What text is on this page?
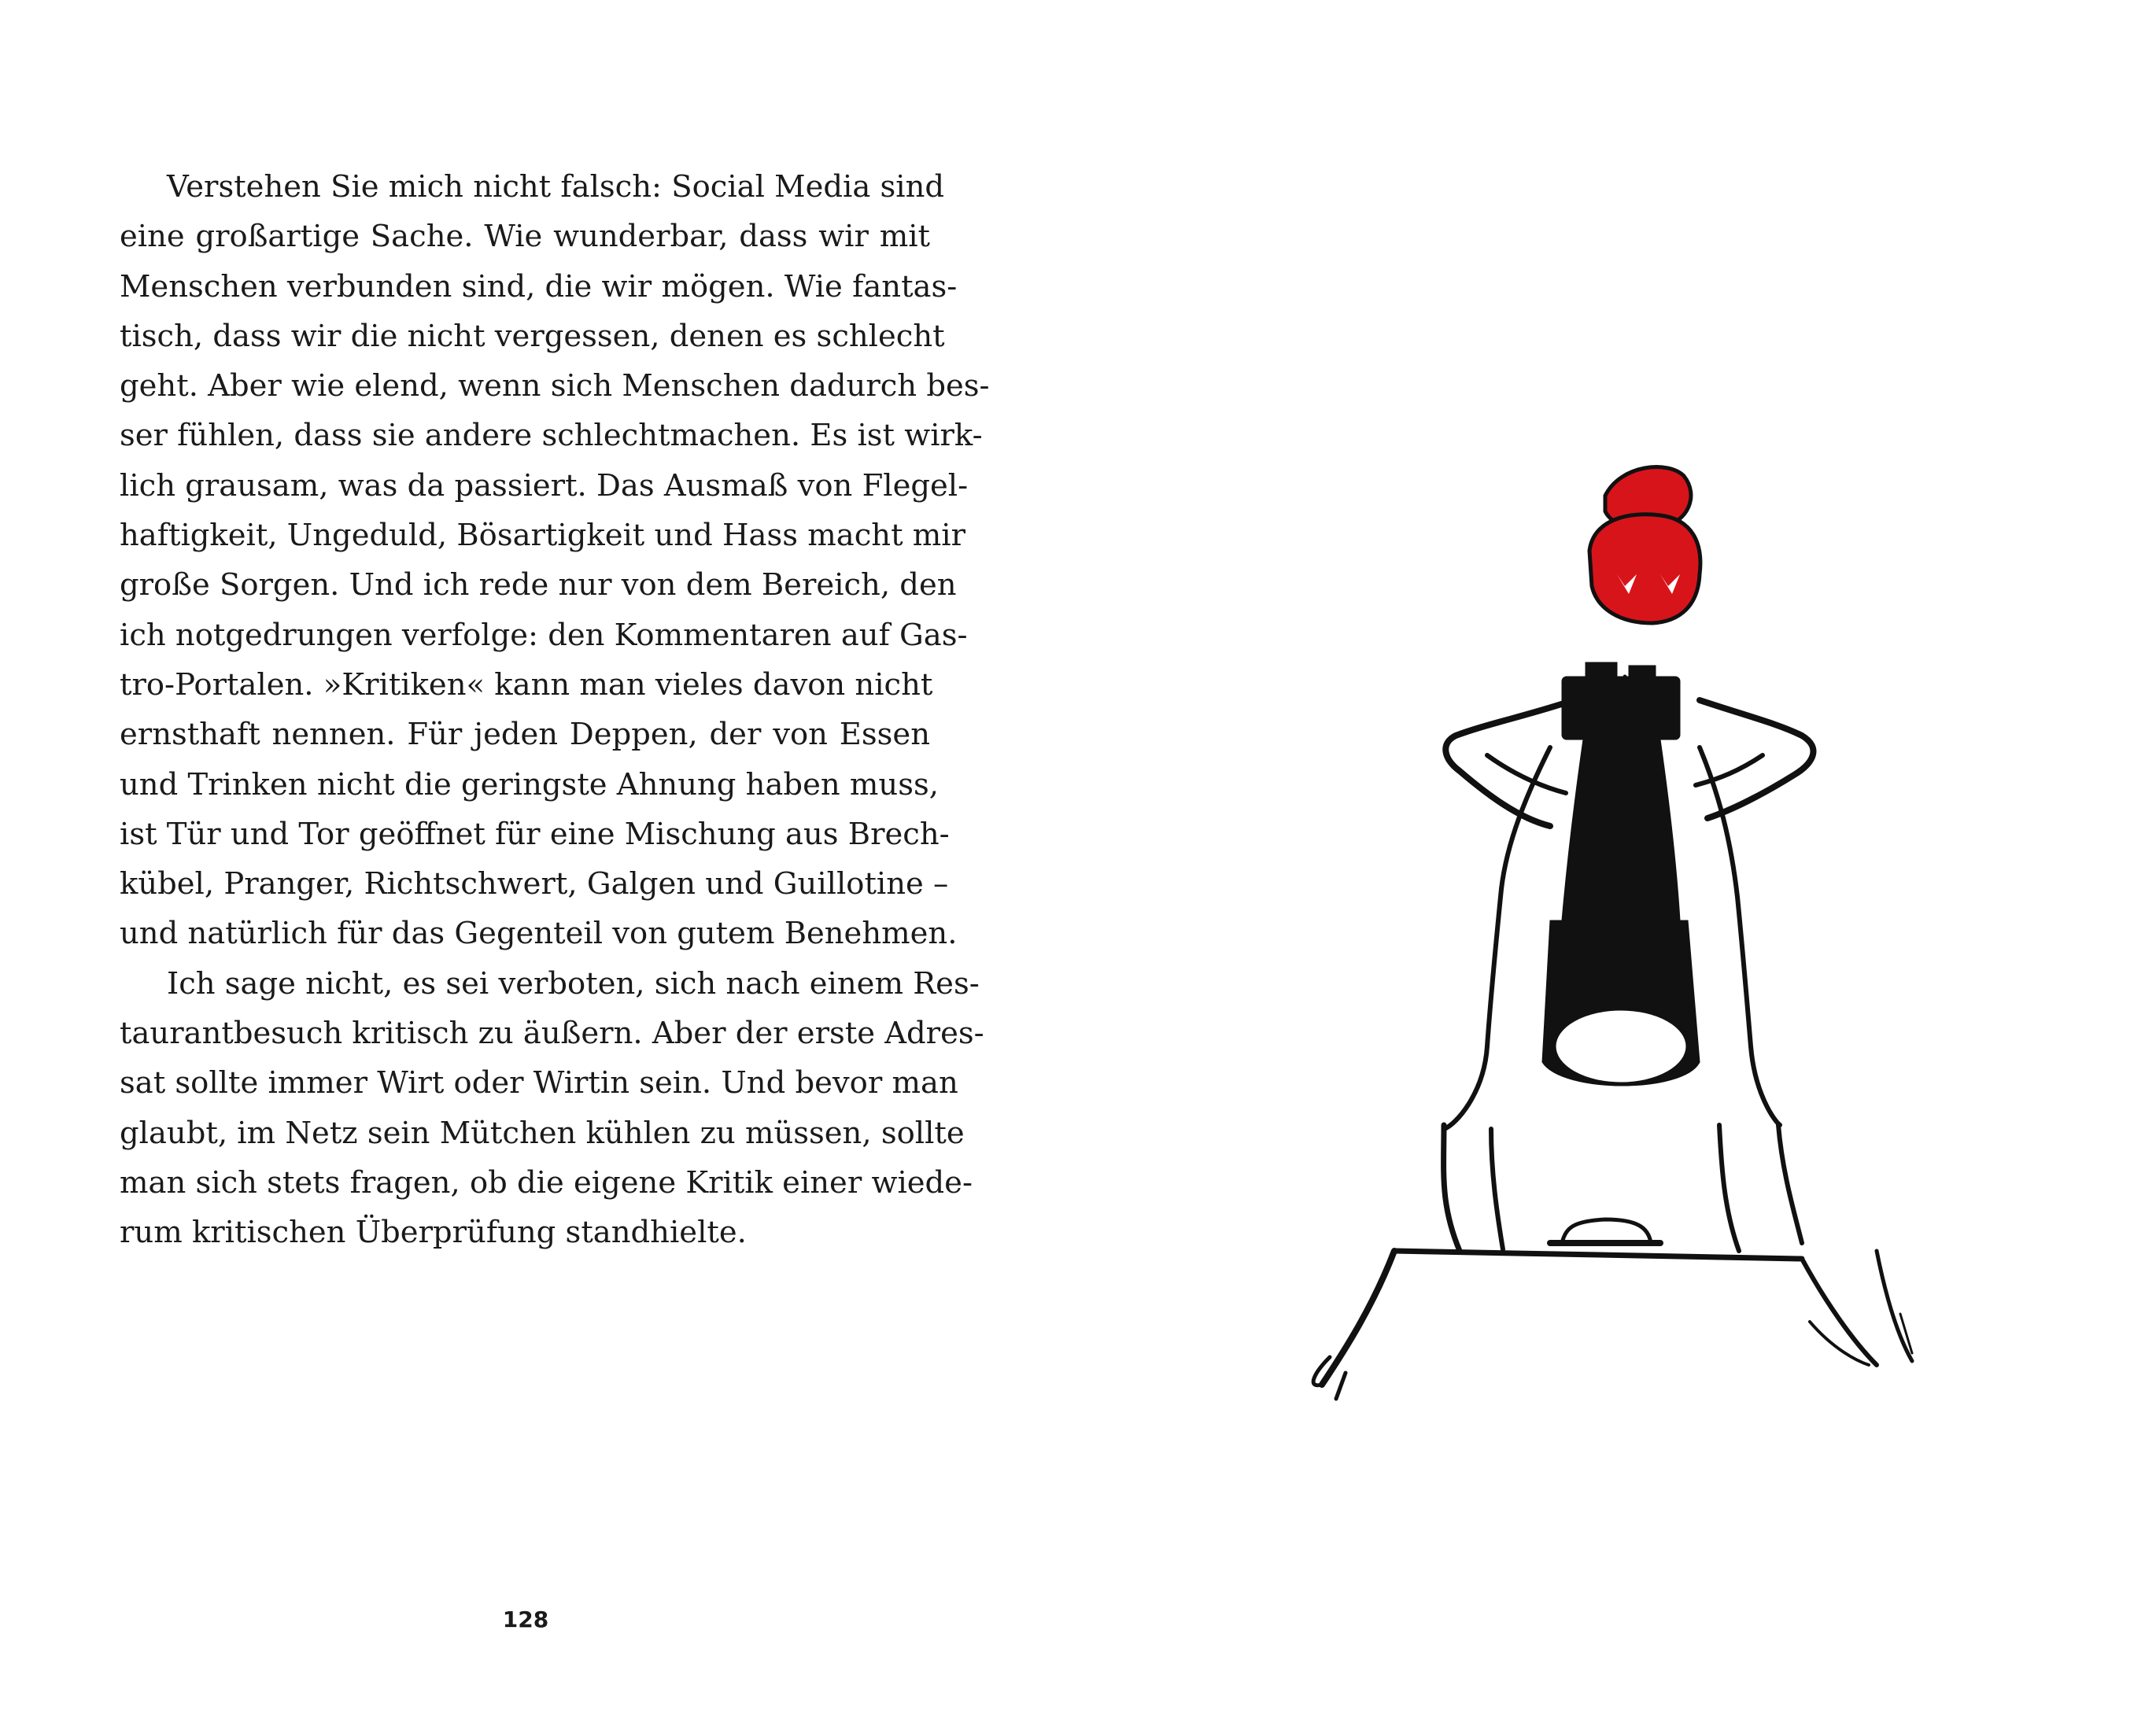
Verstehen Sie mich nicht falsch: Social Media sind
eine großartige Sache. Wie wunderbar, dass wir mit
Menschen verbunden sind, die wir mögen. Wie fantas-
tisch, dass wir die nicht vergessen, denen es schlecht
geht. Aber wie elend, wenn sich Menschen dadurch bes-
ser fühlen, dass sie andere schlechtmachen. Es ist wirk-
lich grausam, was da passiert. Das Ausmaß von Flegel-
haftigkeit, Ungeduld, Bösartigkeit und Hass macht mir
große Sorgen. Und ich rede nur von dem Bereich, den
ich notgedrungen verfolge: den Kommentaren auf Gas-
tro-Portalen. »Kritiken« kann man vieles davon nicht
ernsthaft nennen. Für jeden Deppen, der von Essen
und Trinken nicht die geringste Ahnung haben muss,
ist Tür und Tor geöffnet für eine Mischung aus Brech-
kübel, Pranger, Richtschwert, Galgen und Guillotine –
und natürlich für das Gegenteil von gutem Benehmen.
Ich sage nicht, es sei verboten, sich nach einem Res-
taurantbesuch kritisch zu äußern. Aber der erste Adres-
sat sollte immer Wirt oder Wirtin sein. Und bevor man
glaubt, im Netz sein Mütchen kühlen zu müssen, sollte
man sich stets fragen, ob die eigene Kritik einer wiede-
rum kritischen Überprüfung standhielte.
128
